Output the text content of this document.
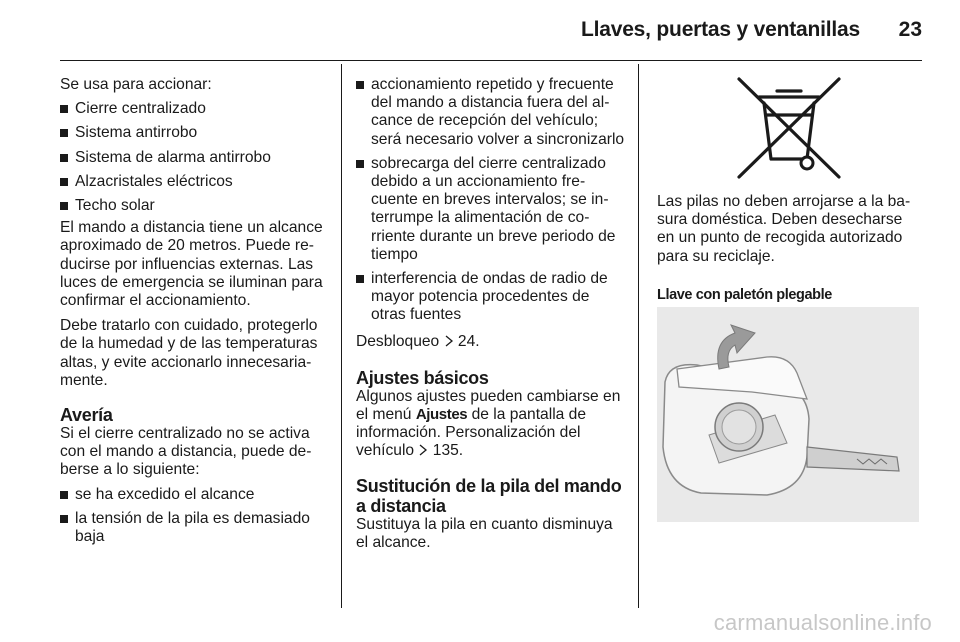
Llaves, puertas y ventanillas 23

Se usa para accionar:

Cierre centralizado
Sistema antirrobo
Sistema de alarma antirrobo
Alzacristales eléctricos
Techo solar

El mando a distancia tiene un alcance aproximado de 20 metros. Puede reducirse por influencias externas. Las luces de emergencia se iluminan para confirmar el accionamiento.

Debe tratarlo con cuidado, protegerlo de la humedad y de las temperaturas altas, y evite accionarlo innecesariamente.

Avería

Si el cierre centralizado no se activa con el mando a distancia, puede deberse a lo siguiente:

se ha excedido el alcance
la tensión de la pila es demasiado baja
accionamiento repetido y frecuente del mando a distancia fuera del alcance de recepción del vehículo; será necesario volver a sincronizarlo
sobrecarga del cierre centralizado debido a un accionamiento frecuente en breves intervalos; se interrumpe la alimentación de corriente durante un breve periodo de tiempo
interferencia de ondas de radio de mayor potencia procedentes de otras fuentes

Desbloqueo 24.

Ajustes básicos

Algunos ajustes pueden cambiarse en el menú Ajustes de la pantalla de información. Personalización del vehículo 135.

Sustitución de la pila del mando a distancia

Sustituya la pila en cuanto disminuya el alcance.

Las pilas no deben arrojarse a la basura doméstica. Deben desecharse en un punto de recogida autorizado para su reciclaje.

Llave con paletón plegable
carmanualsonline.info
